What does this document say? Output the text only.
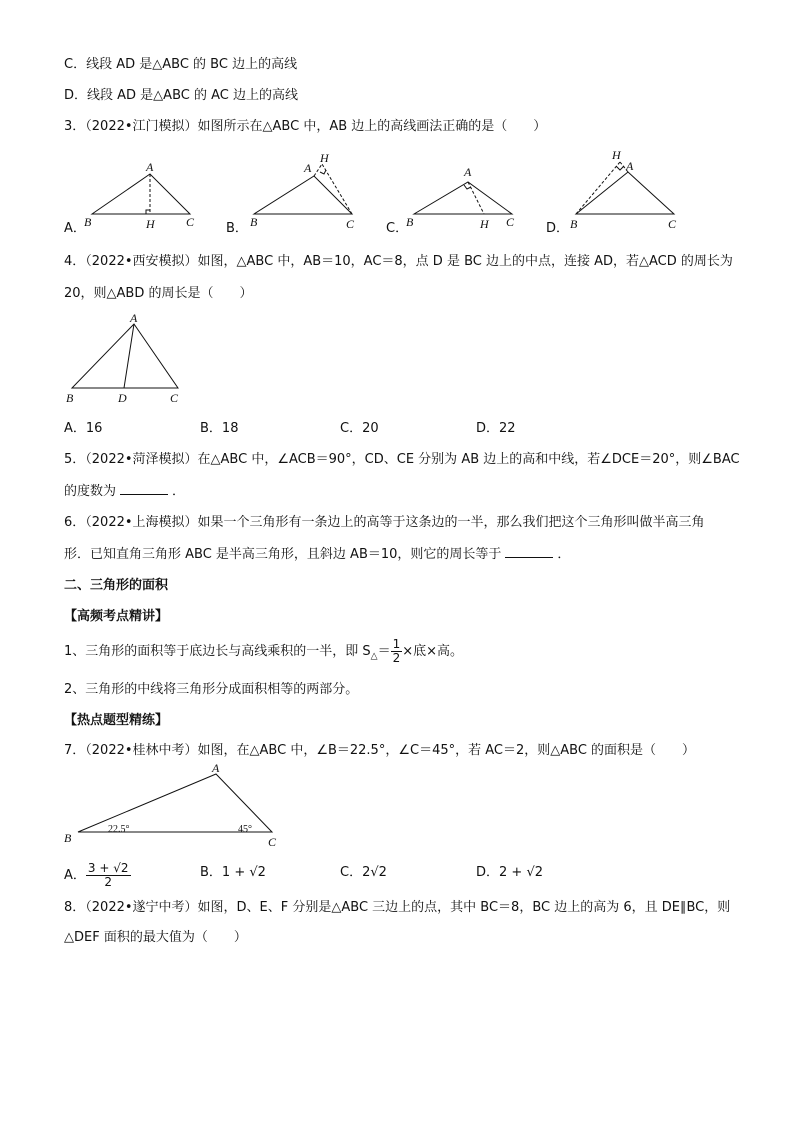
C．线段 AD 是△ABC 的 BC 边上的高线
D．线段 AD 是△ABC 的 AC 边上的高线
3．（2022•江门模拟）如图所示在△ABC 中，AB 边上的高线画法正确的是（　　）
A．
A
B	H	C B．
A
H
B	C C．
A
B	H C D．
H
A
B	C
4．（2022•西安模拟）如图，△ABC 中，AB＝10，AC＝8，点 D 是 BC 边上的中点，连接 AD，若△ACD 的周长为
20，则△ABD 的周长是（　　）
A
B	D	C
A．16	B．18	C．20	D．22
5．（2022•菏泽模拟）在△ABC 中，∠ACB＝90°，CD、CE 分别为 AB 边上的高和中线，若∠DCE＝20°，则∠BAC
的度数为	．
6．（2022•上海模拟）如果一个三角形有一条边上的高等于这条边的一半，那么我们把这个三角形叫做半高三角
形．已知直角三角形 ABC 是半高三角形，且斜边 AB＝10，则它的周长等于	．
二、三角形的面积
【高频考点精讲】
1、三角形的面积等于底边长与高线乘积的一半，即 $S_\triangle= \frac{1}{2}$ ×底×高。
2、三角形的中线将三角形分成面积相等的两部分。
【热点题型精练】
7．（2022•桂林中考）如图，在△ABC 中，∠B＝22.5°，∠C＝45°，若 AC＝2，则△ABC 的面积是（　　）
A
B	C
22.5°	45°
A． $\frac{3 + √2}{2}$	B．1 + √2	C．2√2	D．2 + √2
8．（2022•遂宁中考）如图，D、E、F 分别是△ABC 三边上的点，其中 BC＝8，BC 边上的高为 6，且 DE∥BC，则
△DEF 面积的最大值为（　　）
